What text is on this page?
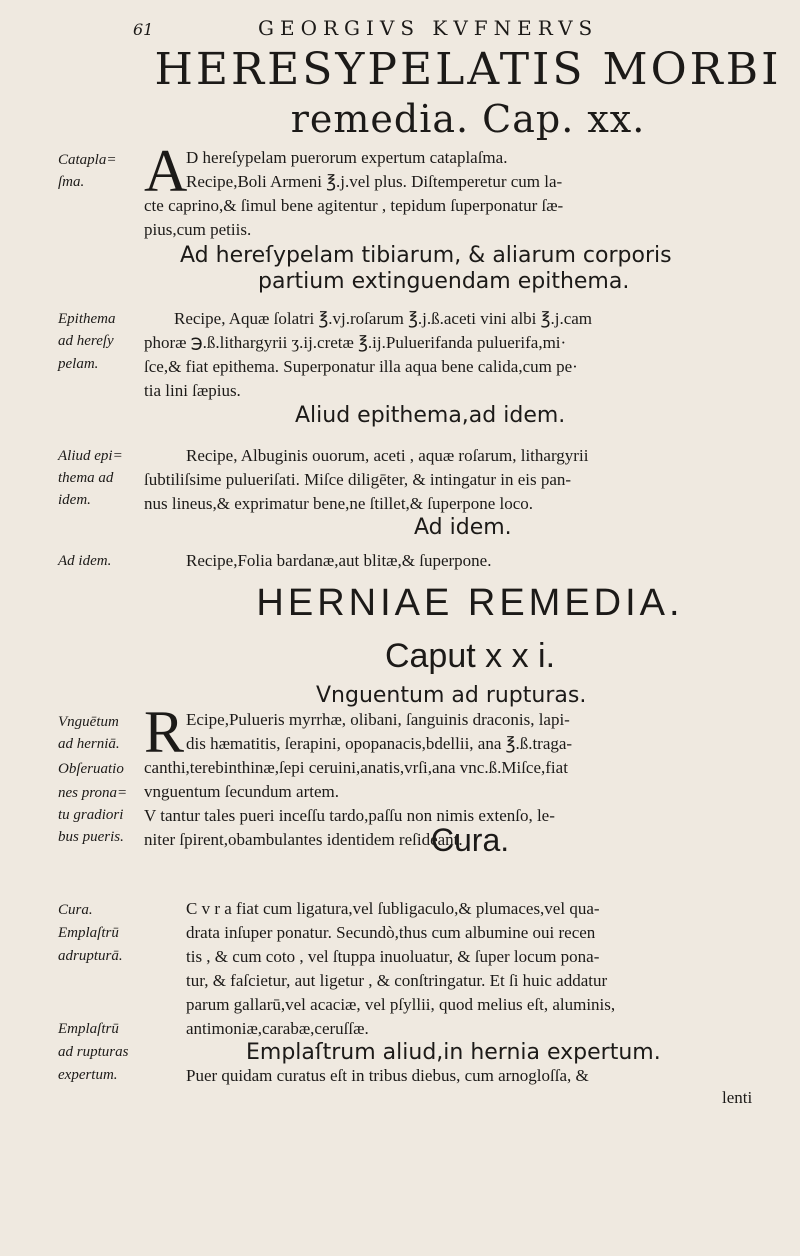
61	GEORGIVS KVFNERVS
HERESYPELATIS MORBI
remedia. Cap. xx.
Catapla=
ſma. A
D hereſypelam puerorum expertum cataplaſma.
Recipe,Boli Armeni ℥.j.vel plus. Diſtemperetur cum la-
cte caprino,& ſimul bene agitentur , tepidum ſuperponatur ſæ-
pius,cum petiis.
Ad hereſypelam tibiarum, & aliarum corporis
partium extinguendam epithema.
Epithema
ad hereſy
pelam.
Recipe, Aquæ ſolatri ℥.vj.roſarum ℥.j.ß.aceti vini albi ℥.j.cam
phoræ ℈.ß.lithargyrii ʒ.ij.cretæ ℥.ij.Puluerifanda puluerifa,mi·
ſce,& fiat epithema. Superponatur illa aqua bene calida,cum pe·
tia lini ſæpius.
Aliud epithema,ad idem.
Aliud epi=
thema ad
idem.
Recipe, Albuginis ouorum, aceti , aquæ roſarum, lithargyrii
ſubtiliſsime pulueriſati. Miſce diligēter, & intingatur in eis pan-
nus lineus,& exprimatur bene,ne ſtillet,& ſuperpone loco.
Ad idem.
Ad idem.	Recipe,Folia bardanæ,aut blitæ,& ſuperpone.
HERNIAE REMEDIA.
Caput x x i.
Vnguentum ad rupturas.
Vnguētum
ad herniā.
Obſeruatio
nes prona=
tu gradiori
bus pueris.
R Ecipe,Pulueris myrrhæ, olibani, ſanguinis draconis, lapi-
dis hæmatitis, ſerapini, opopanacis,bdellii, ana ℥.ß.traga-
canthi,terebinthinæ,ſepi ceruini,anatis,vrſi,ana vnc.ß.Miſce,fiat
vnguentum ſecundum artem.
V tantur tales pueri inceſſu tardo,paſſu non nimis extenſo, le-
niter ſpirent,obambulantes identidem reſideant.
Cura.
Cura.
Emplaſtrū
adrupturā.
C v r a fiat cum ligatura,vel ſubligaculo,& plumaces,vel qua-
drata inſuper ponatur. Secundò,thus cum albumine oui recen
tis , & cum coto , vel ſtuppa inuoluatur, & ſuper locum pona-
tur, & faſcietur, aut ligetur , & conſtringatur. Et ſi huic addatur
parum gallarū,vel acaciæ, vel pſyllii, quod melius eſt, aluminis,
Emplaſtrū
ad rupturas
expertum.
antimoniæ,carabæ,ceruſſæ.
Emplaſtrum aliud,in hernia expertum.
Puer quidam curatus eſt in tribus diebus, cum arnogloſſa, &
lenti
